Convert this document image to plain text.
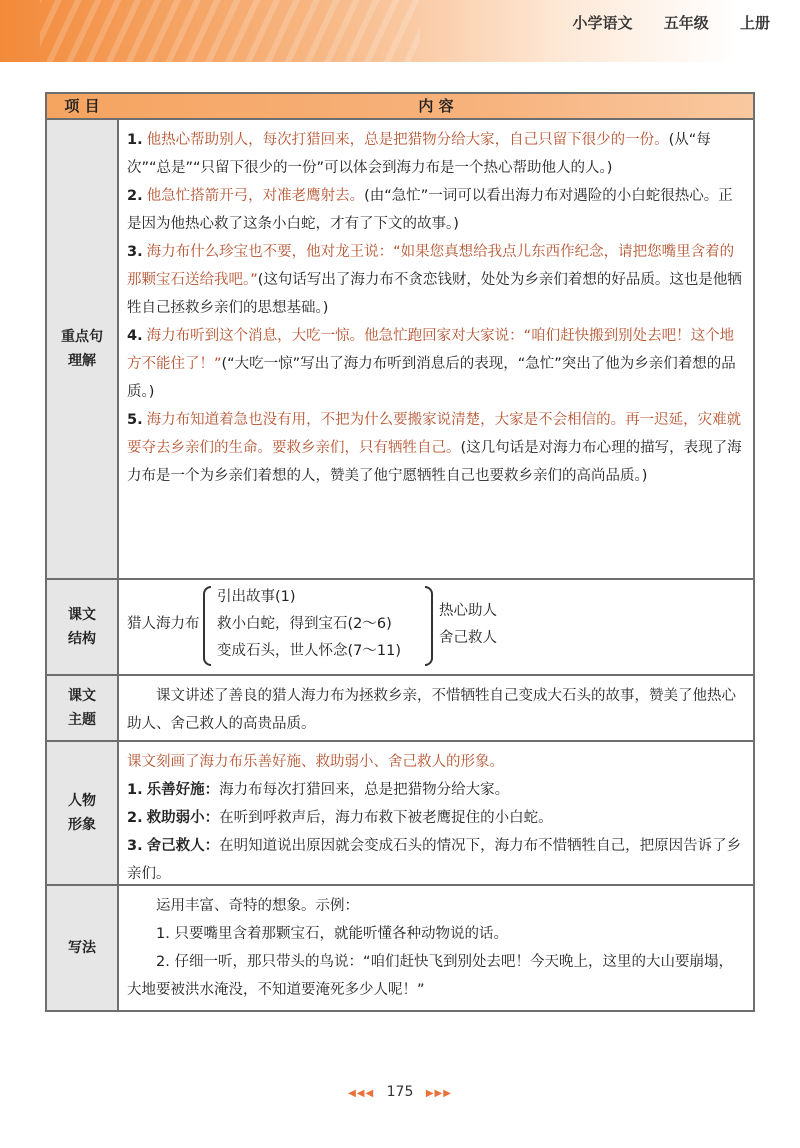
小学语文 五年级 上册
项 目	内 容
重点句
理解

1. 他热心帮助别人，每次打猎回来，总是把猎物分给大家，自己只留下很少的一份。(从“每次”“总是”“只留下很少的一份”可以体会到海力布是一个热心帮助他人的人。)

2. 他急忙搭箭开弓，对准老鹰射去。(由“急忙”一词可以看出海力布对遇险的小白蛇很热心。正是因为他热心救了这条小白蛇，才有了下文的故事。)

3. 海力布什么珍宝也不要，他对龙王说：“如果您真想给我点儿东西作纪念，请把您嘴里含着的那颗宝石送给我吧。”(这句话写出了海力布不贪恋钱财，处处为乡亲们着想的好品质。这也是他牺牲自己拯救乡亲们的思想基础。)

4. 海力布听到这个消息，大吃一惊。他急忙跑回家对大家说：“咱们赶快搬到别处去吧！这个地方不能住了！”(“大吃一惊”写出了海力布听到消息后的表现，“急忙”突出了他为乡亲们着想的品质。)

5. 海力布知道着急也没有用，不把为什么要搬家说清楚，大家是不会相信的。再一迟延，灾难就要夺去乡亲们的生命。要救乡亲们，只有牺牲自己。(这几句话是对海力布心理的描写，表现了海力布是一个为乡亲们着想的人，赞美了他宁愿牺牲自己也要救乡亲们的高尚品质。)

课文
结构
猎人海力布
引出故事(1)
救小白蛇，得到宝石(2～6)
变成石头，世人怀念(7～11)
热心助人
舍己救人
课文
主题

课文讲述了善良的猎人海力布为拯救乡亲，不惜牺牲自己变成大石头的故事，赞美了他热心助人、舍己救人的高贵品质。

人物
形象

课文刻画了海力布乐善好施、救助弱小、舍己救人的形象。

1. 乐善好施：海力布每次打猎回来，总是把猎物分给大家。

2. 救助弱小：在听到呼救声后，海力布救下被老鹰捉住的小白蛇。

3. 舍己救人：在明知道说出原因就会变成石头的情况下，海力布不惜牺牲自己，把原因告诉了乡亲们。

写法

运用丰富、奇特的想象。示例：

1. 只要嘴里含着那颗宝石，就能听懂各种动物说的话。

2. 仔细一听，那只带头的鸟说：“咱们赶快飞到别处去吧！今天晚上，这里的大山要崩塌，大地要被洪水淹没，不知道要淹死多少人呢！”

◀◀◀ 175 ▶▶▶
